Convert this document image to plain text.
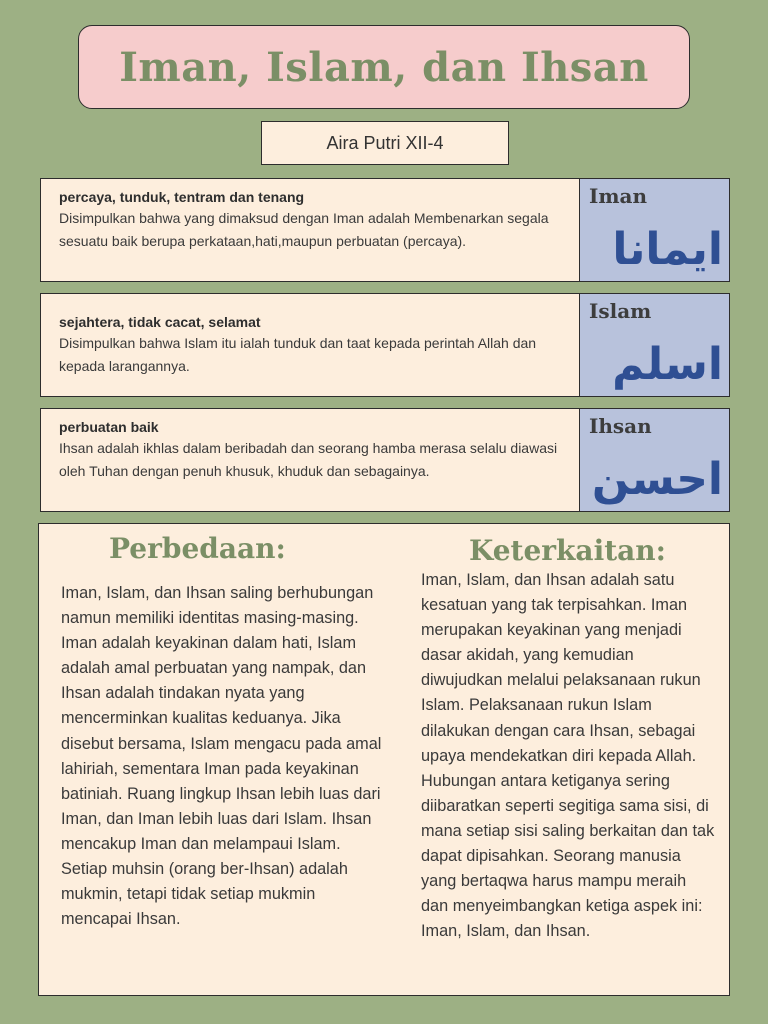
Iman, Islam, dan Ihsan
Aira Putri XII-4

percaya, tunduk, tentram dan tenang

Disimpulkan bahwa yang dimaksud dengan Iman adalah Membenarkan segala sesuatu baik berupa perkataan,hati,maupun perbuatan (percaya).

Iman
ايمانا

sejahtera, tidak cacat, selamat

Disimpulkan bahwa Islam itu ialah tunduk dan taat kepada perintah Allah dan kepada larangannya.

Islam
اسلم

perbuatan baik

Ihsan adalah ikhlas dalam beribadah dan seorang hamba merasa selalu diawasi oleh Tuhan dengan penuh khusuk, khuduk dan sebagainya.

Ihsan
احسن
Perbedaan:

Iman, Islam, dan Ihsan saling berhubungan namun memiliki identitas masing-masing. Iman adalah keyakinan dalam hati, Islam adalah amal perbuatan yang nampak, dan Ihsan adalah tindakan nyata yang mencerminkan kualitas keduanya. Jika disebut bersama, Islam mengacu pada amal lahiriah, sementara Iman pada keyakinan batiniah. Ruang lingkup Ihsan lebih luas dari Iman, dan Iman lebih luas dari Islam. Ihsan mencakup Iman dan melampaui Islam. Setiap muhsin (orang ber-Ihsan) adalah mukmin, tetapi tidak setiap mukmin mencapai Ihsan.

Keterkaitan:

Iman, Islam, dan Ihsan adalah satu kesatuan yang tak terpisahkan. Iman merupakan keyakinan yang menjadi dasar akidah, yang kemudian diwujudkan melalui pelaksanaan rukun Islam. Pelaksanaan rukun Islam dilakukan dengan cara Ihsan, sebagai upaya mendekatkan diri kepada Allah. Hubungan antara ketiganya sering diibaratkan seperti segitiga sama sisi, di mana setiap sisi saling berkaitan dan tak dapat dipisahkan. Seorang manusia yang bertaqwa harus mampu meraih dan menyeimbangkan ketiga aspek ini: Iman, Islam, dan Ihsan.
